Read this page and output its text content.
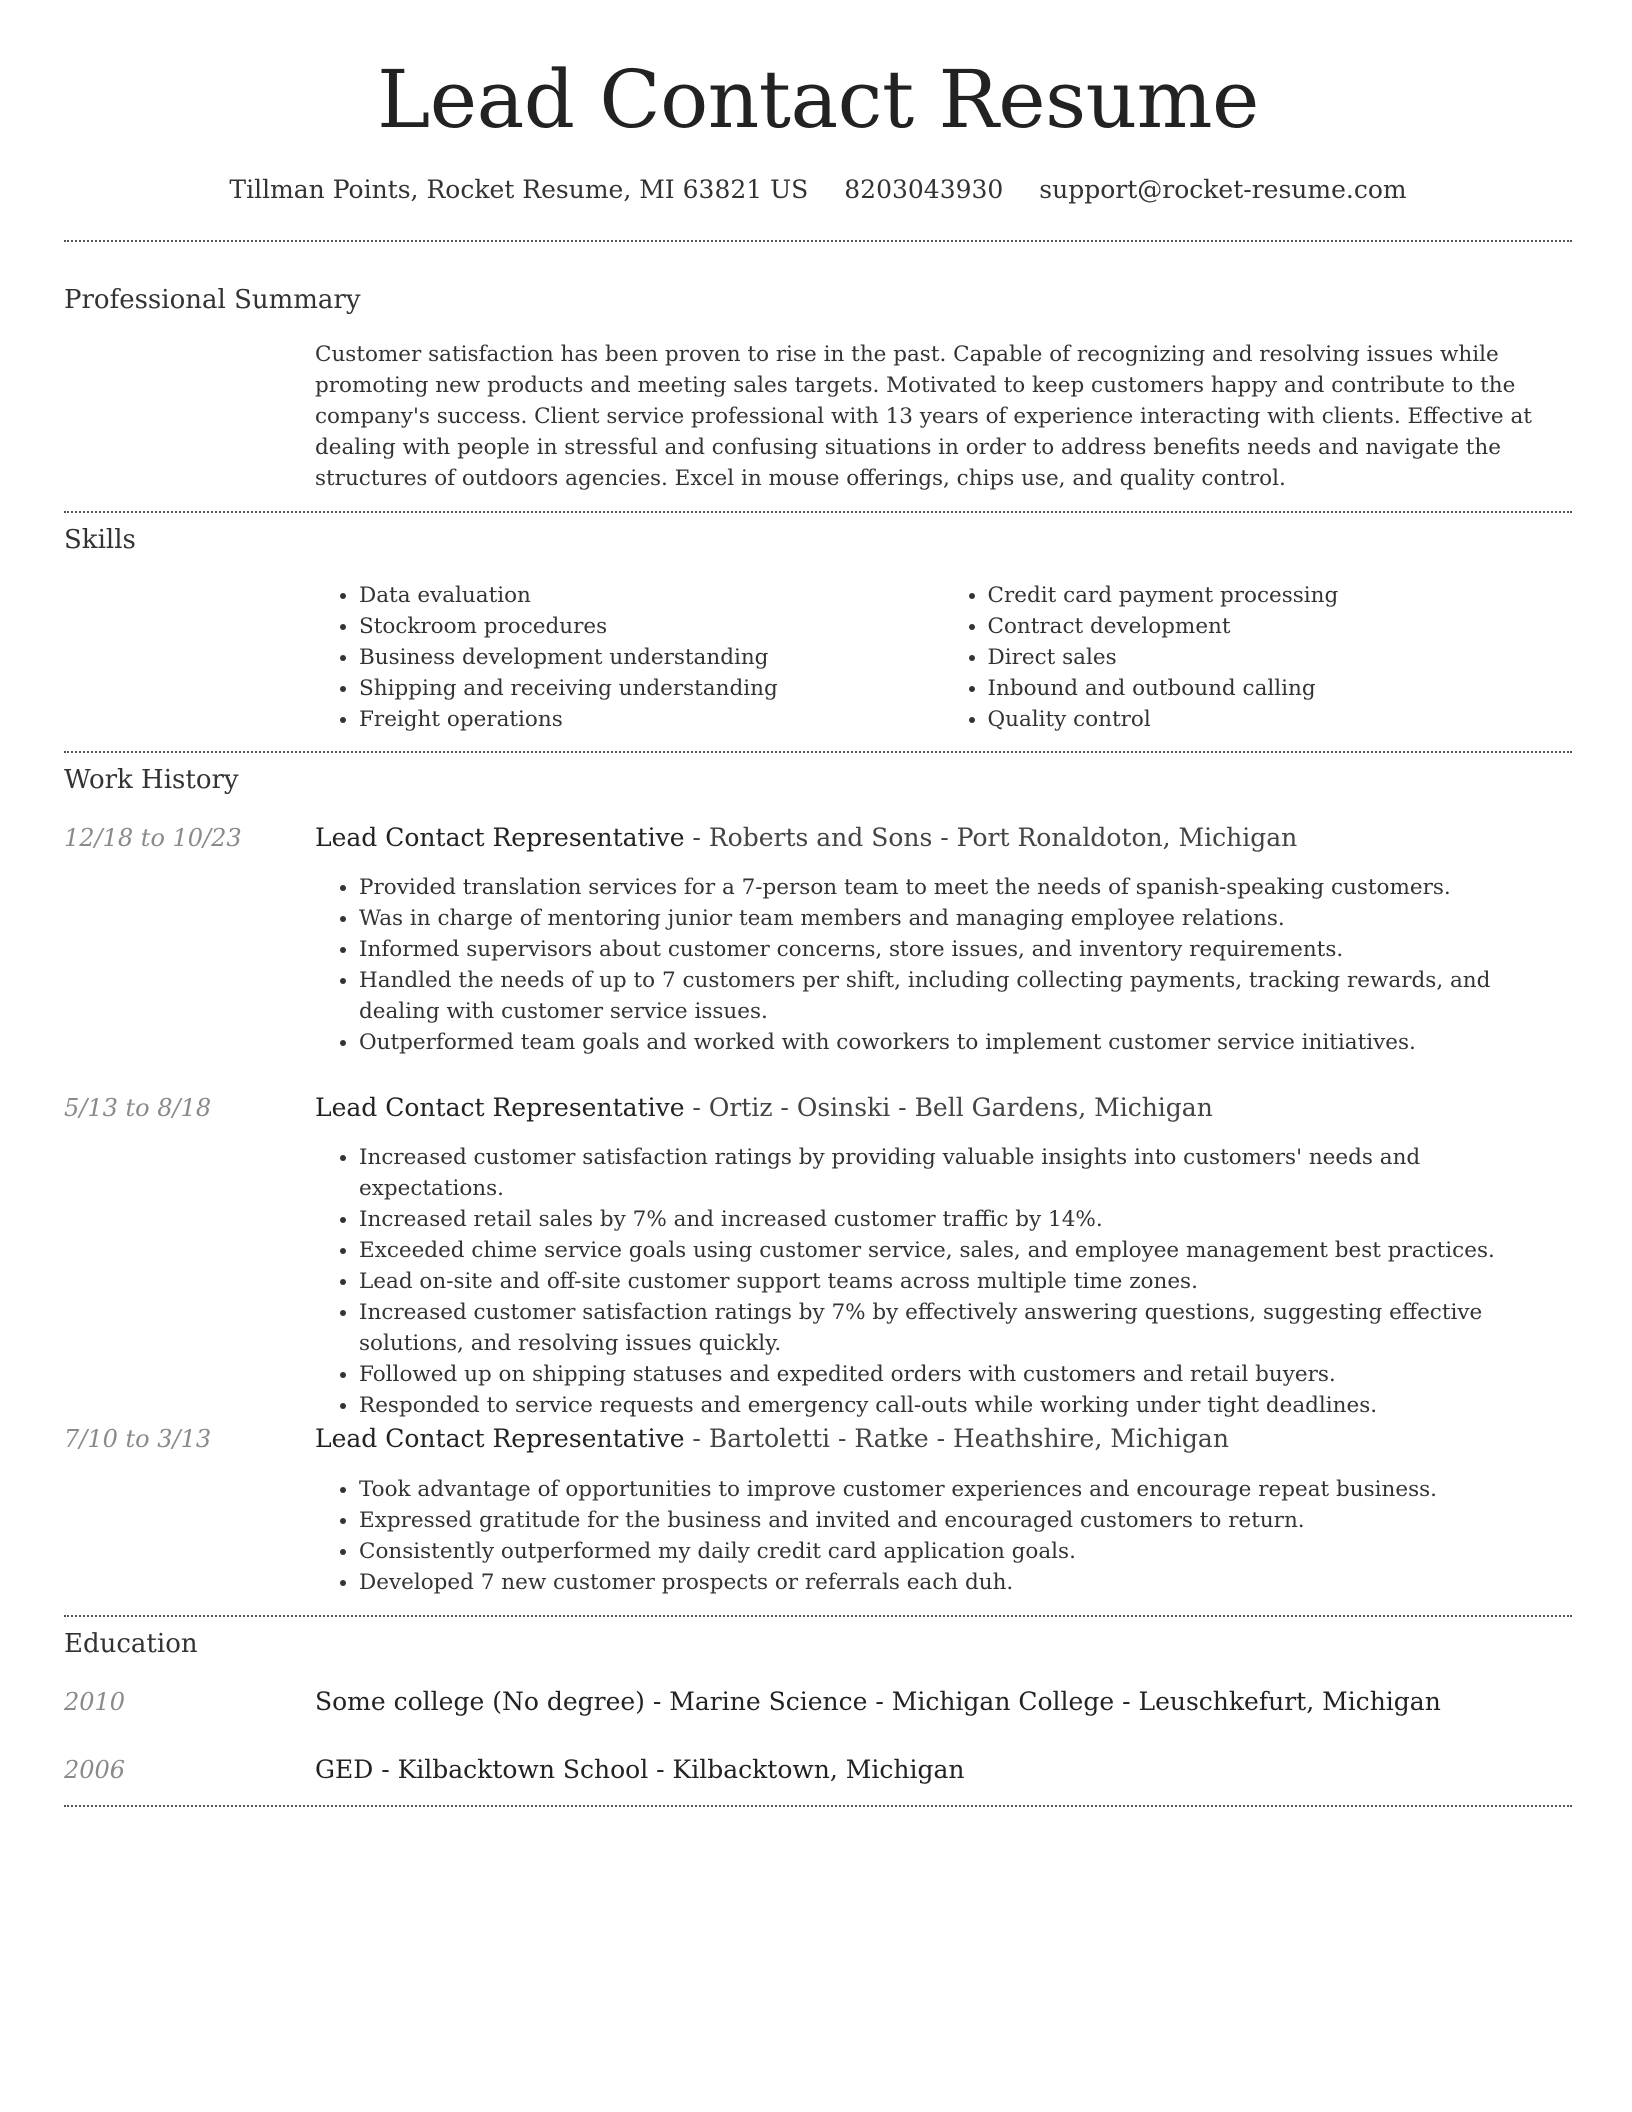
Lead Contact Resume
Tillman Points, Rocket Resume, MI 63821 US 8203043930 support@rocket-resume.com
Professional Summary

Customer satisfaction has been proven to rise in the past. Capable of recognizing and resolving issues while promoting new products and meeting sales targets. Motivated to keep customers happy and contribute to the company's success. Client service professional with 13 years of experience interacting with clients. Effective at dealing with people in stressful and confusing situations in order to address benefits needs and navigate the structures of outdoors agencies. Excel in mouse offerings, chips use, and quality control.

Skills
• Data evaluation
• Stockroom procedures
• Business development understanding
• Shipping and receiving understanding
• Freight operations
• Credit card payment processing
• Contract development
• Direct sales
• Inbound and outbound calling
• Quality control
Work History
12/18 to 10/23	Lead Contact Representative - Roberts and Sons - Port Ronaldoton, Michigan
• Provided translation services for a 7-person team to meet the needs of spanish-speaking customers.
• Was in charge of mentoring junior team members and managing employee relations.
• Informed supervisors about customer concerns, store issues, and inventory requirements.
• Handled the needs of up to 7 customers per shift, including collecting payments, tracking rewards, and dealing with customer service issues.
• Outperformed team goals and worked with coworkers to implement customer service initiatives.
5/13 to 8/18	Lead Contact Representative - Ortiz - Osinski - Bell Gardens, Michigan
• Increased customer satisfaction ratings by providing valuable insights into customers' needs and expectations.
• Increased retail sales by 7% and increased customer traffic by 14%.
• Exceeded chime service goals using customer service, sales, and employee management best practices.
• Lead on-site and off-site customer support teams across multiple time zones.
• Increased customer satisfaction ratings by 7% by effectively answering questions, suggesting effective solutions, and resolving issues quickly.
• Followed up on shipping statuses and expedited orders with customers and retail buyers.
• Responded to service requests and emergency call-outs while working under tight deadlines.
7/10 to 3/13	Lead Contact Representative - Bartoletti - Ratke - Heathshire, Michigan
• Took advantage of opportunities to improve customer experiences and encourage repeat business.
• Expressed gratitude for the business and invited and encouraged customers to return.
• Consistently outperformed my daily credit card application goals.
• Developed 7 new customer prospects or referrals each duh.
Education
2010	Some college (No degree) - Marine Science - Michigan College - Leuschkefurt, Michigan
2006	GED - Kilbacktown School - Kilbacktown, Michigan
